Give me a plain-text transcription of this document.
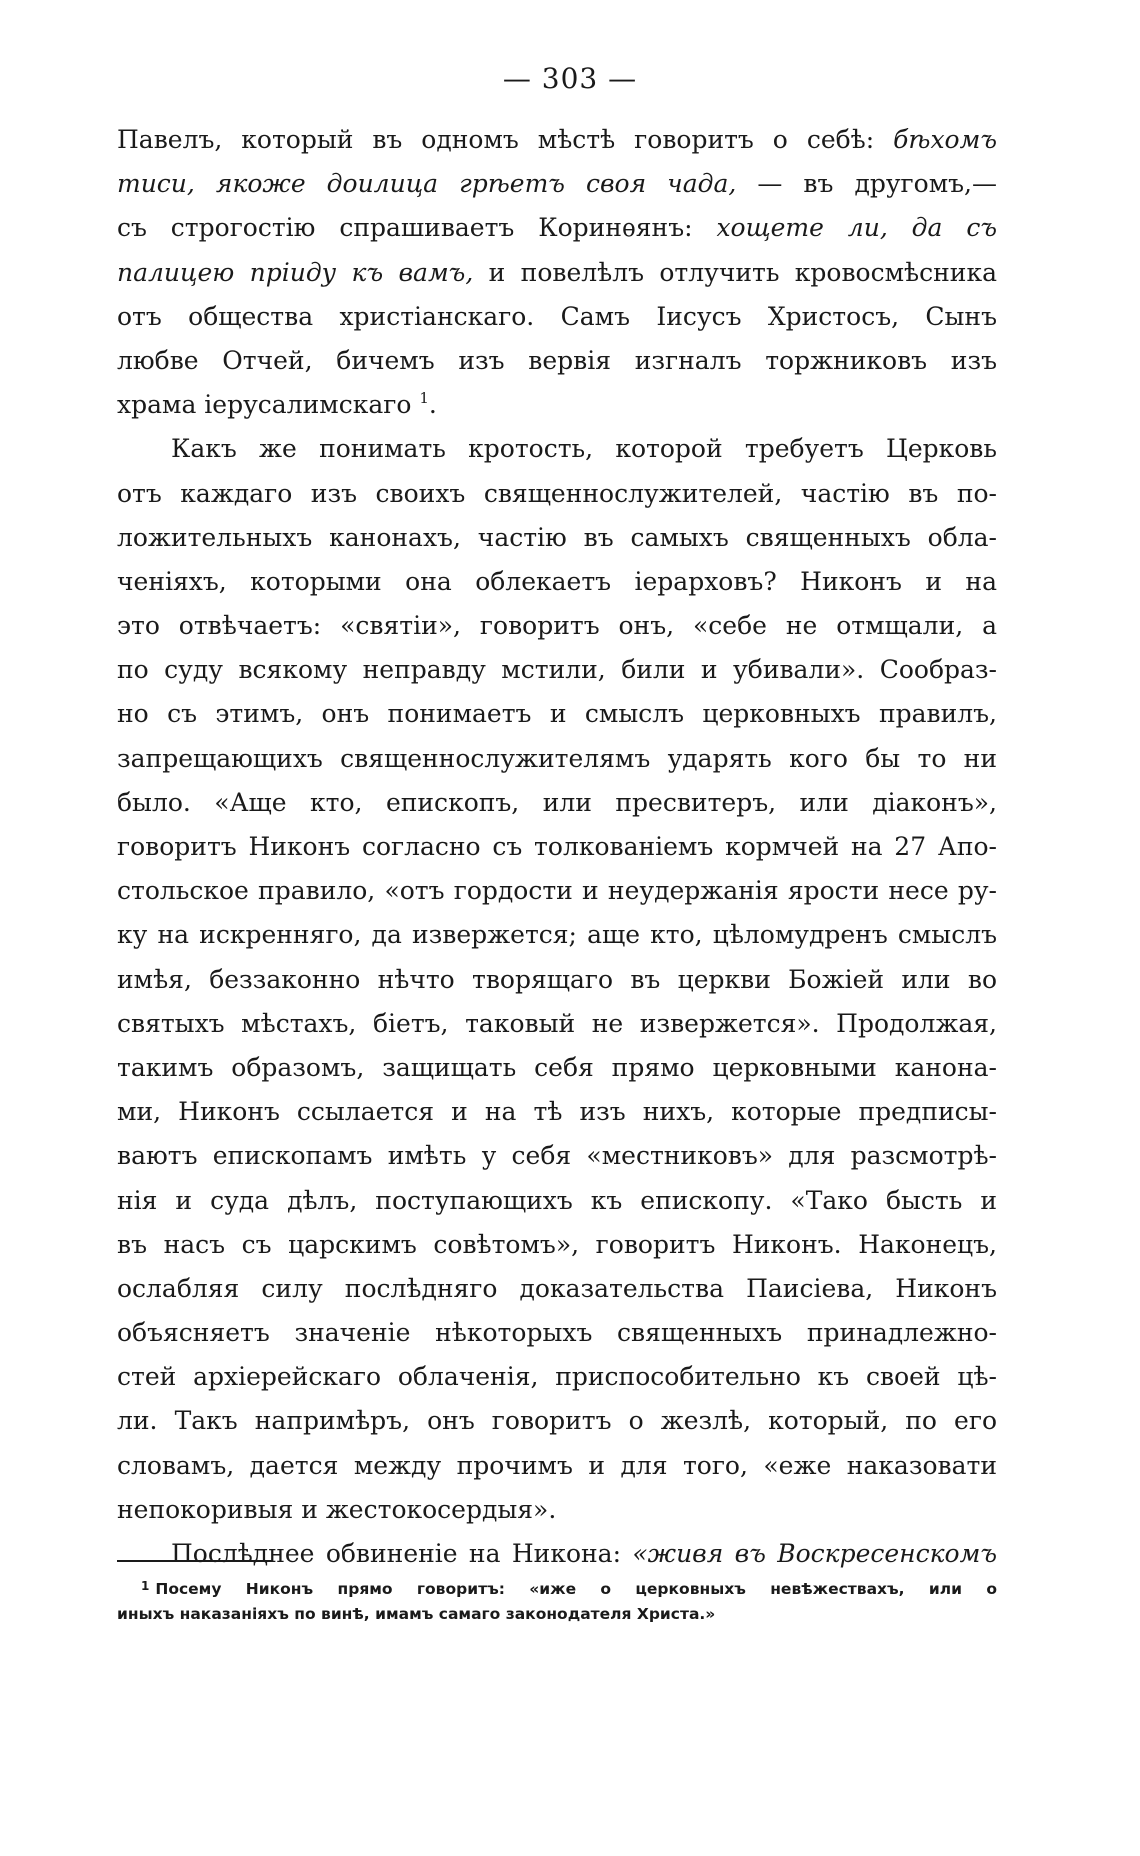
— 303 —
Павелъ, который въ одномъ мѣстѣ говоритъ о себѣ: бѣхомъ
тиси, якоже доилица грѣетъ своя чада, — въ другомъ,—
съ строгостію спрашиваетъ Коринѳянъ: хощете ли, да съ
палицею пріиду къ вамъ, и повелѣлъ отлучить кровосмѣсника
отъ общества христіанскаго. Самъ Іисусъ Христосъ, Сынъ
любве Отчей, бичемъ изъ вервія изгналъ торжниковъ изъ
храма іерусалимскаго $^1$.
Какъ же понимать кротость, которой требуетъ Церковь
отъ каждаго изъ своихъ священнослужителей, частію въ по-
ложительныхъ канонахъ, частію въ самыхъ священныхъ обла-
ченіяхъ, которыми она облекаетъ іерарховъ? Никонъ и на
это отвѣчаетъ: «святіи», говоритъ онъ, «себе не отмщали, а
по суду всякому неправду мстили, били и убивали». Сообраз-
но съ этимъ, онъ понимаетъ и смыслъ церковныхъ правилъ,
запрещающихъ священнослужителямъ ударять кого бы то ни
было. «Аще кто, епископъ, или пресвитеръ, или діаконъ»,
говоритъ Никонъ согласно съ толкованіемъ кормчей на 27 Апо-
стольское правило, «отъ гордости и неудержанія ярости несе ру-
ку на искренняго, да извержется; аще кто, цѣломудренъ смыслъ
имѣя, беззаконно нѣчто творящаго въ церкви Божіей или во
святыхъ мѣстахъ, біетъ, таковый не извержется». Продолжая,
такимъ образомъ, защищать себя прямо церковными канона-
ми, Никонъ ссылается и на тѣ изъ нихъ, которые предписы-
ваютъ епископамъ имѣть у себя «местниковъ» для разсмотрѣ-
нія и суда дѣлъ, поступающихъ къ епископу. «Тако бысть и
въ насъ съ царскимъ совѣтомъ», говоритъ Никонъ. Наконецъ,
ослабляя силу послѣдняго доказательства Паисіева, Никонъ
объясняетъ значеніе нѣкоторыхъ священныхъ принадлежно-
стей архіерейскаго облаченія, приспособительно къ своей цѣ-
ли. Такъ напримѣръ, онъ говоритъ о жезлѣ, который, по его
словамъ, дается между прочимъ и для того, «еже наказовати
непокоривыя и жестокосердыя».
Послѣднее обвиненіе на Никона: «живя въ Воскресенскомъ
$^1$ Посему Никонъ прямо говоритъ: «иже о церковныхъ невѣжествахъ, или о
иныхъ наказаніяхъ по винѣ, имамъ самаго законодателя Христа.»
